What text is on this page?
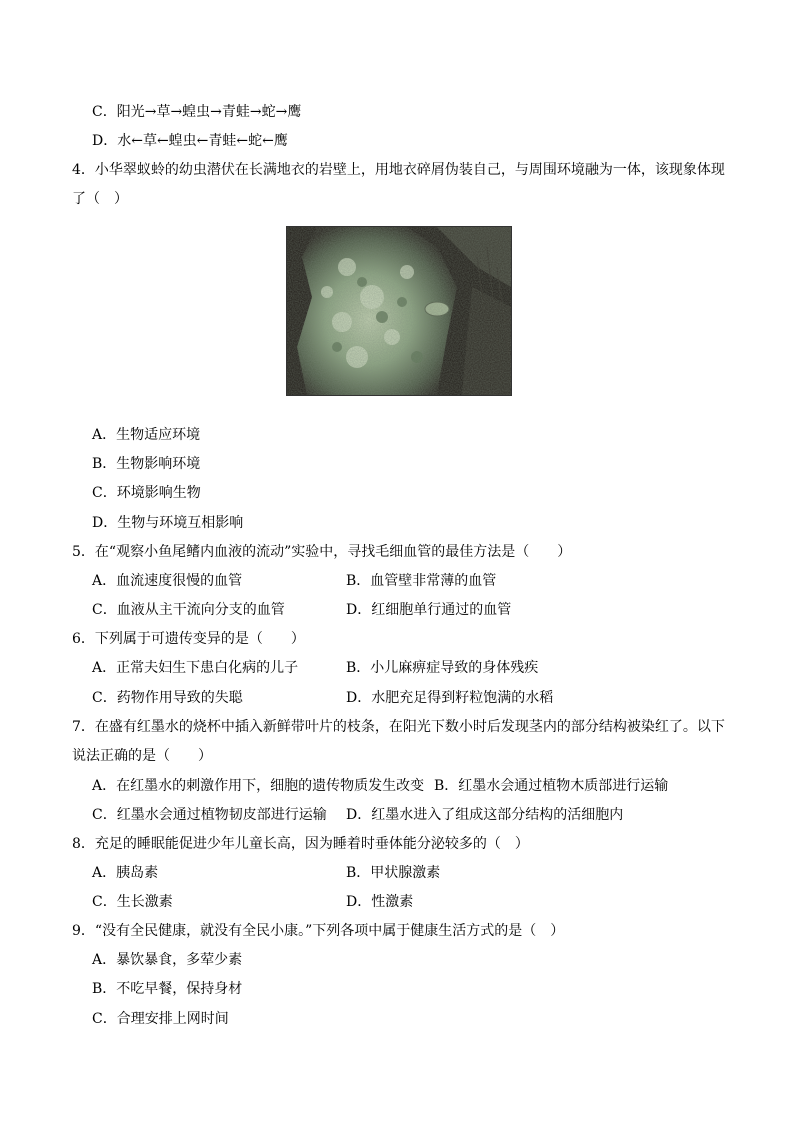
C．阳光→草→蝗虫→青蛙→蛇→鹰
D．水←草←蝗虫←青蛙←蛇←鹰
4．小华翠蚁蛉的幼虫潜伏在长满地衣的岩壁上，用地衣碎屑伪装自己，与周围环境融为一体，该现象体现
了（　）
A．生物适应环境
B．生物影响环境
C．环境影响生物
D．生物与环境互相影响
5．在“观察小鱼尾鳍内血液的流动”实验中，寻找毛细血管的最佳方法是（　　）
A．血流速度很慢的血管	B．血管壁非常薄的血管
C．血液从主干流向分支的血管	D．红细胞单行通过的血管
6．下列属于可遗传变异的是（　　）
A．正常夫妇生下患白化病的儿子	B．小儿麻痹症导致的身体残疾
C．药物作用导致的失聪	D．水肥充足得到籽粒饱满的水稻
7．在盛有红墨水的烧杯中插入新鲜带叶片的枝条，在阳光下数小时后发现茎内的部分结构被染红了。以下
说法正确的是（　　）
A．在红墨水的刺激作用下，细胞的遗传物质发生改变 B．红墨水会通过植物木质部进行运输
C．红墨水会通过植物韧皮部进行运输 D．红墨水进入了组成这部分结构的活细胞内
8．充足的睡眠能促进少年儿童长高，因为睡着时垂体能分泌较多的（　）
A．胰岛素	B．甲状腺激素
C．生长激素	D．性激素
9．“没有全民健康，就没有全民小康。”下列各项中属于健康生活方式的是（　）
A．暴饮暴食，多荤少素
B．不吃早餐，保持身材
C．合理安排上网时间
